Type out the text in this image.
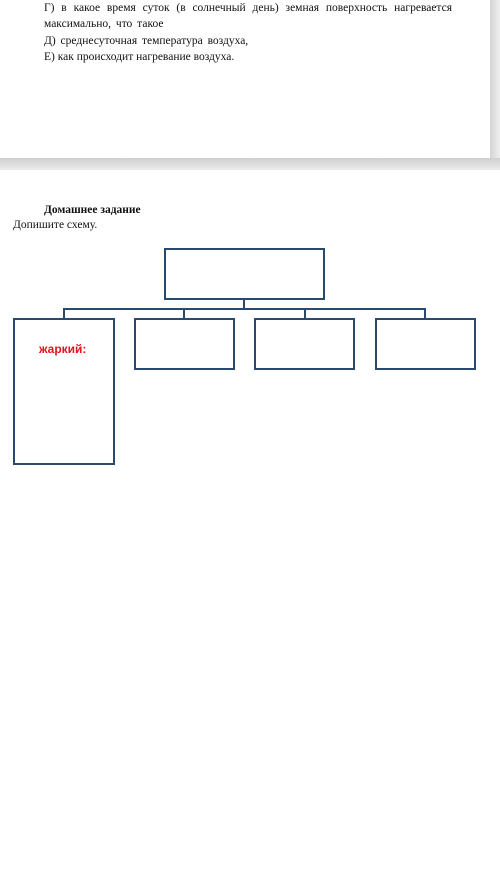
Г) в какое время суток (в солнечный день) земная поверхность нагревается
максимально, что такое
Д) среднесуточная температура воздуха,
Е) как происходит нагревание воздуха.
Домашнее задание
Допишите схему.
жаркий:
